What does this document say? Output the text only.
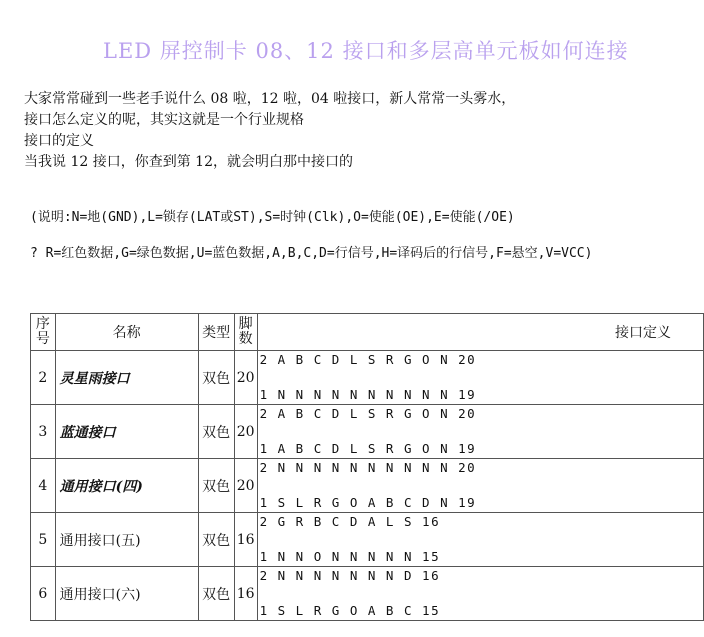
LED 屏控制卡 08、12 接口和多层高单元板如何连接
大家常常碰到一些老手说什么 08 啦，12 啦，04 啦接口，新人常常一头雾水，
接口怎么定义的呢，其实这就是一个行业规格
接口的定义
当我说 12 接口，你查到第 12，就会明白那中接口的
(说明:N=地(GND),L=锁存(LAT或ST),S=时钟(Clk),O=使能(OE),E=使能(/OE)
? R=红色数据,G=绿色数据,U=蓝色数据,A,B,C,D=行信号,H=译码后的行信号,F=悬空,V=VCC)
序
号	名称	类型	脚
数	接口定义
2	灵星雨接口	双色	20	2 A B C D L S R G O N 20
1 N N N N N N N N N N 19

3	蓝通接口	双色	20	2 A B C D L S R G O N 20
1 A B C D L S R G O N 19

4	通用接口(四)	双色	20	2 N N N N N N N N N N 20
1 S L R G O A B C D N 19

5	通用接口(五)	双色	16	2 G R B C D A L S 16
1 N N O N N N N N 15

6	通用接口(六)	双色	16	2 N N N N N N N D 16
1 S L R G O A B C 15
